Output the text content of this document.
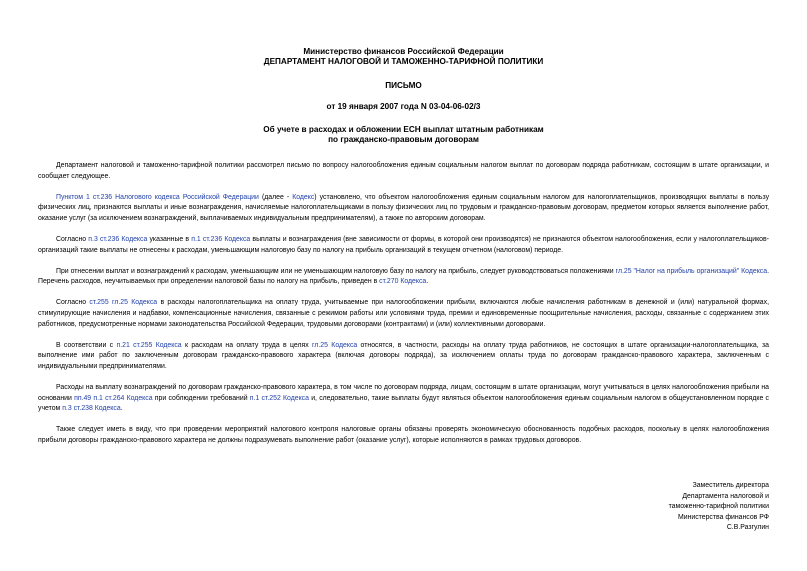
Министерство финансов Российской Федерации
ДЕПАРТАМЕНТ НАЛОГОВОЙ И ТАМОЖЕННО-ТАРИФНОЙ ПОЛИТИКИ
ПИСЬМО
от 19 января 2007 года N 03-04-06-02/3
Об учете в расходах и обложении ЕСН выплат штатным работникам
по гражданско-правовым договорам

Департамент налоговой и таможенно-тарифной политики рассмотрел письмо по вопросу налогообложения единым социальным налогом выплат по договорам подряда работникам, состоящим в штате организации, и сообщает следующее.

Пунктом 1 ст.236 Налогового кодекса Российской Федерации (далее - Кодекс) установлено, что объектом налогообложения единым социальным налогом для налогоплательщиков, производящих выплаты в пользу физических лиц, признаются выплаты и иные вознаграждения, начисляемые налогоплательщиками в пользу физических лиц по трудовым и гражданско-правовым договорам, предметом которых является выполнение работ, оказание услуг (за исключением вознаграждений, выплачиваемых индивидуальным предпринимателям), а также по авторским договорам.

Согласно п.3 ст.236 Кодекса указанные в п.1 ст.236 Кодекса выплаты и вознаграждения (вне зависимости от формы, в которой они производятся) не признаются объектом налогообложения, если у налогоплательщиков-организаций такие выплаты не отнесены к расходам, уменьшающим налоговую базу по налогу на прибыль организаций в текущем отчетном (налоговом) периоде.

При отнесении выплат и вознаграждений к расходам, уменьшающим или не уменьшающим налоговую базу по налогу на прибыль, следует руководствоваться положениями гл.25 "Налог на прибыль организаций" Кодекса. Перечень расходов, неучитываемых при определении налоговой базы по налогу на прибыль, приведен в ст.270 Кодекса.

Согласно ст.255 гл.25 Кодекса в расходы налогоплательщика на оплату труда, учитываемые при налогообложении прибыли, включаются любые начисления работникам в денежной и (или) натуральной формах, стимулирующие начисления и надбавки, компенсационные начисления, связанные с режимом работы или условиями труда, премии и единовременные поощрительные начисления, расходы, связанные с содержанием этих работников, предусмотренные нормами законодательства Российской Федерации, трудовыми договорами (контрактами) и (или) коллективными договорами.

В соответствии с п.21 ст.255 Кодекса к расходам на оплату труда в целях гл.25 Кодекса относятся, в частности, расходы на оплату труда работников, не состоящих в штате организации-налогоплательщика, за выполнение ими работ по заключенным договорам гражданско-правового характера (включая договоры подряда), за исключением оплаты труда по договорам гражданско-правового характера, заключенным с индивидуальными предпринимателями.

Расходы на выплату вознаграждений по договорам гражданско-правового характера, в том числе по договорам подряда, лицам, состоящим в штате организации, могут учитываться в целях налогообложения прибыли на основании пп.49 п.1 ст.264 Кодекса при соблюдении требований п.1 ст.252 Кодекса и, следовательно, такие выплаты будут являться объектом налогообложения единым социальным налогом в общеустановленном порядке с учетом п.3 ст.238 Кодекса.

Также следует иметь в виду, что при проведении мероприятий налогового контроля налоговые органы обязаны проверять экономическую обоснованность подобных расходов, поскольку в целях налогообложения прибыли договоры гражданско-правового характера не должны подразумевать выполнение работ (оказание услуг), которые исполняются в рамках трудовых договоров.

Заместитель директора
Департамента налоговой и
таможенно-тарифной политики
Министерства финансов РФ
С.В.Разгулин
